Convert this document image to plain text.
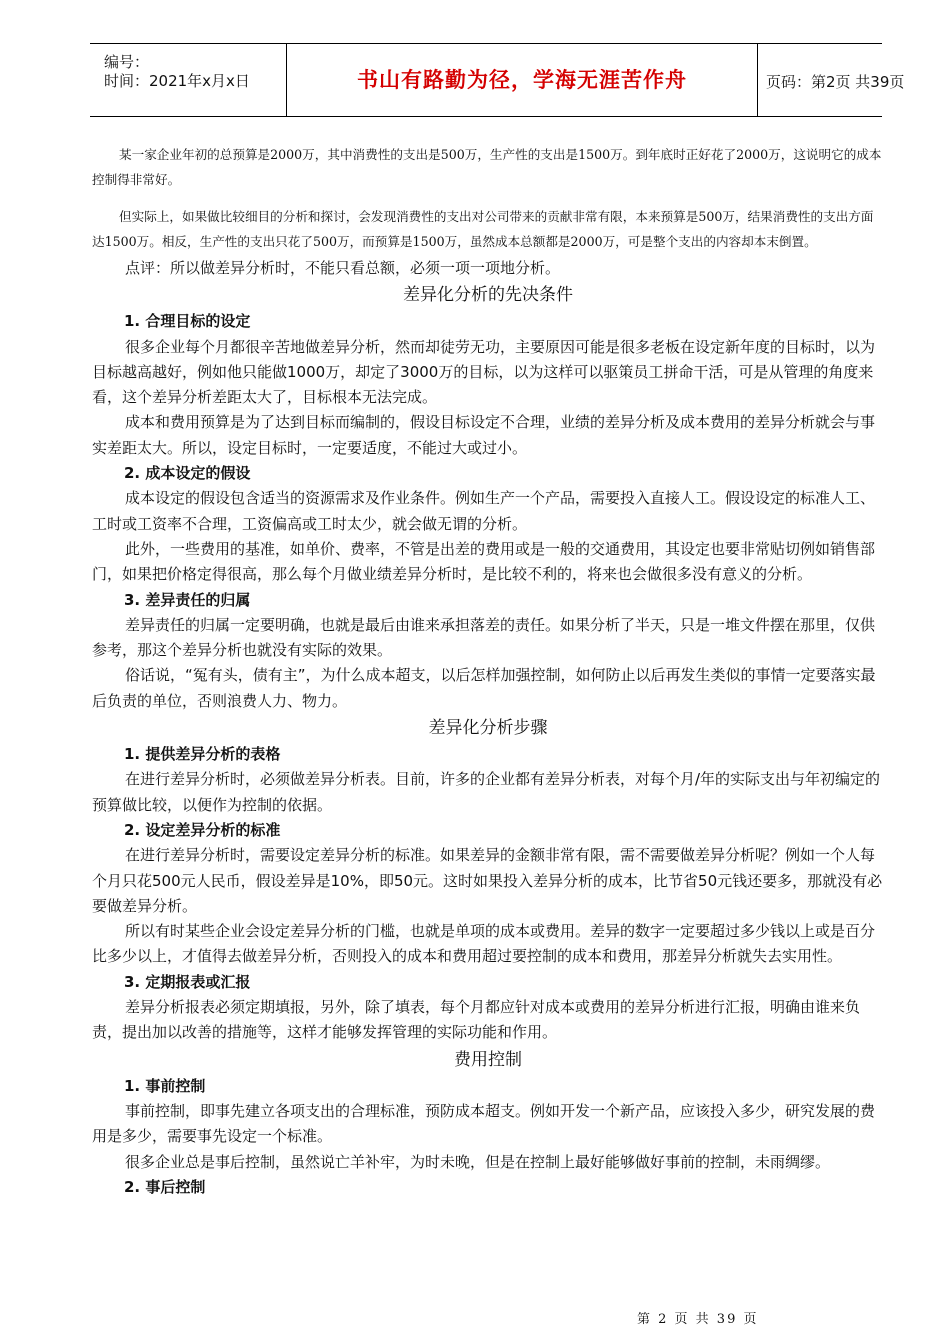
编号：
时间：2021年x月x日	书山有路勤为径，学海无涯苦作舟	页码：第2页 共39页

某一家企业年初的总预算是2000万，其中消费性的支出是500万，生产性的支出是1500万。到年底时正好花了2000万，这说明它的成本控制得非常好。

但实际上，如果做比较细目的分析和探讨，会发现消费性的支出对公司带来的贡献非常有限，本来预算是500万，结果消费性的支出方面达1500万。相反，生产性的支出只花了500万，而预算是1500万，虽然成本总额都是2000万，可是整个支出的内容却本末倒置。

点评：所以做差异分析时，不能只看总额，必须一项一项地分析。

差异化分析的先决条件

1. 合理目标的设定

很多企业每个月都很辛苦地做差异分析，然而却徒劳无功，主要原因可能是很多老板在设定新年度的目标时，以为目标越高越好，例如他只能做1000万，却定了3000万的目标，以为这样可以驱策员工拼命干活，可是从管理的角度来看，这个差异分析差距太大了，目标根本无法完成。

成本和费用预算是为了达到目标而编制的，假设目标设定不合理，业绩的差异分析及成本费用的差异分析就会与事实差距太大。所以，设定目标时，一定要适度，不能过大或过小。

2. 成本设定的假设

成本设定的假设包含适当的资源需求及作业条件。例如生产一个产品，需要投入直接人工。假设设定的标准人工、工时或工资率不合理，工资偏高或工时太少，就会做无谓的分析。

此外，一些费用的基准，如单价、费率，不管是出差的费用或是一般的交通费用，其设定也要非常贴切例如销售部门，如果把价格定得很高，那么每个月做业绩差异分析时，是比较不利的，将来也会做很多没有意义的分析。

3. 差异责任的归属

差异责任的归属一定要明确，也就是最后由谁来承担落差的责任。如果分析了半天，只是一堆文件摆在那里，仅供参考，那这个差异分析也就没有实际的效果。

俗话说，“冤有头，债有主”，为什么成本超支，以后怎样加强控制，如何防止以后再发生类似的事情一定要落实最后负责的单位，否则浪费人力、物力。

差异化分析步骤

1. 提供差异分析的表格

在进行差异分析时，必须做差异分析表。目前，许多的企业都有差异分析表，对每个月/年的实际支出与年初编定的预算做比较，以便作为控制的依据。

2. 设定差异分析的标准

在进行差异分析时，需要设定差异分析的标准。如果差异的金额非常有限，需不需要做差异分析呢？例如一个人每个月只花500元人民币，假设差异是10%，即50元。这时如果投入差异分析的成本，比节省50元钱还要多，那就没有必要做差异分析。

所以有时某些企业会设定差异分析的门槛，也就是单项的成本或费用。差异的数字一定要超过多少钱以上或是百分比多少以上，才值得去做差异分析，否则投入的成本和费用超过要控制的成本和费用，那差异分析就失去实用性。

3. 定期报表或汇报

差异分析报表必须定期填报，另外，除了填表，每个月都应针对成本或费用的差异分析进行汇报，明确由谁来负责，提出加以改善的措施等，这样才能够发挥管理的实际功能和作用。

费用控制

1. 事前控制

事前控制，即事先建立各项支出的合理标准，预防成本超支。例如开发一个新产品，应该投入多少，研究发展的费用是多少，需要事先设定一个标准。

很多企业总是事后控制，虽然说亡羊补牢，为时未晚，但是在控制上最好能够做好事前的控制，未雨绸缪。

2. 事后控制

第 2 页 共 39 页
